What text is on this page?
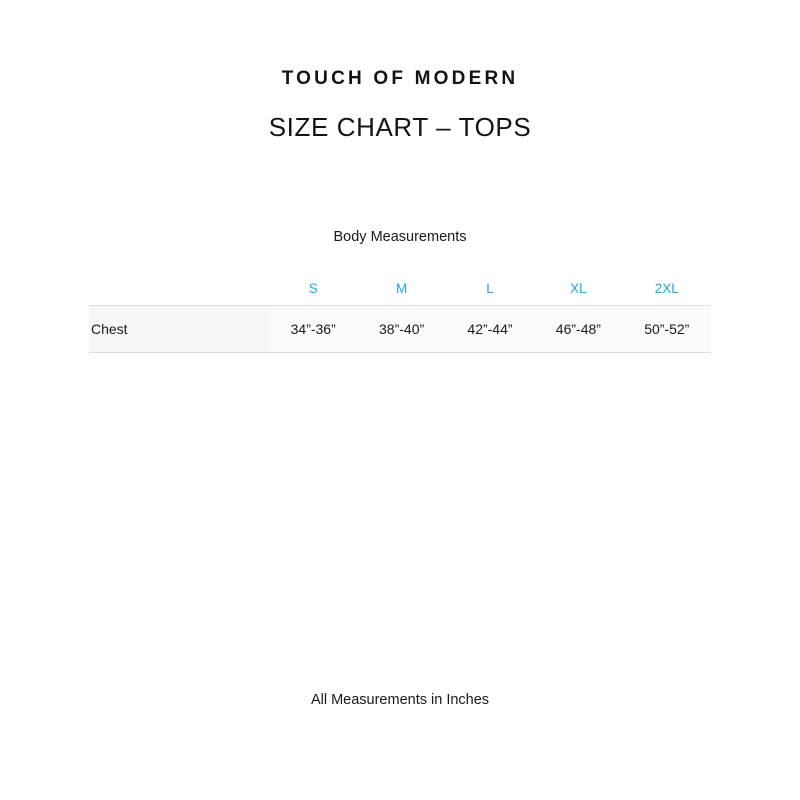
TOUCH OF MODERN
SIZE CHART – TOPS
Body Measurements
	S	M	L	XL	2XL
Chest	34”-36”	38”-40”	42”-44”	46”-48”	50”-52”
All Measurements in Inches
